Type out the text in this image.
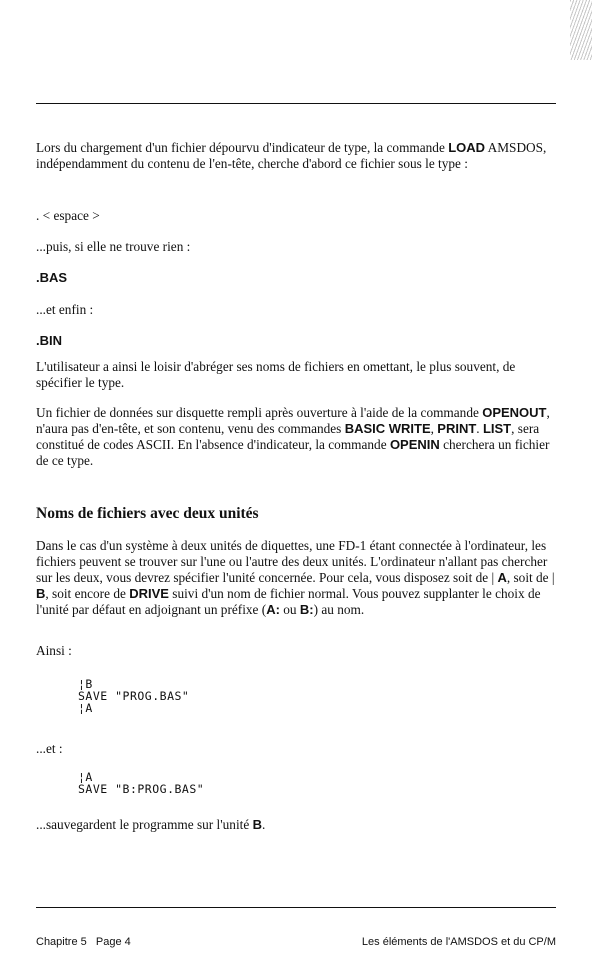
Lors du chargement d'un fichier dépourvu d'indicateur de type, la commande LOAD AMSDOS, indépendamment du contenu de l'en-tête, cherche d'abord ce fichier sous le type :

. < espace >

...puis, si elle ne trouve rien :

.BAS

...et enfin :

.BIN

L'utilisateur a ainsi le loisir d'abréger ses noms de fichiers en omettant, le plus souvent, de spécifier le type.

Un fichier de données sur disquette rempli après ouverture à l'aide de la commande OPENOUT, n'aura pas d'en-tête, et son contenu, venu des commandes BASIC WRITE, PRINT. LIST, sera constitué de codes ASCII. En l'absence d'indicateur, la commande OPENIN cherchera un fichier de ce type.

Noms de fichiers avec deux unités

Dans le cas d'un système à deux unités de diquettes, une FD-1 étant connectée à l'ordinateur, les fichiers peuvent se trouver sur l'une ou l'autre des deux unités. L'ordinateur n'allant pas chercher sur les deux, vous devrez spécifier l'unité concernée. Pour cela, vous disposez soit de | A, soit de | B, soit encore de DRIVE suivi d'un nom de fichier normal. Vous pouvez supplanter le choix de l'unité par défaut en adjoignant un préfixe (A: ou B:) au nom.

Ainsi :

¦B
SAVE "PROG.BAS"
¦A

...et :

¦A
SAVE "B:PROG.BAS"

...sauvegardent le programme sur l'unité B.

Chapitre 5   Page 4	Les éléments de l'AMSDOS et du CP/M
